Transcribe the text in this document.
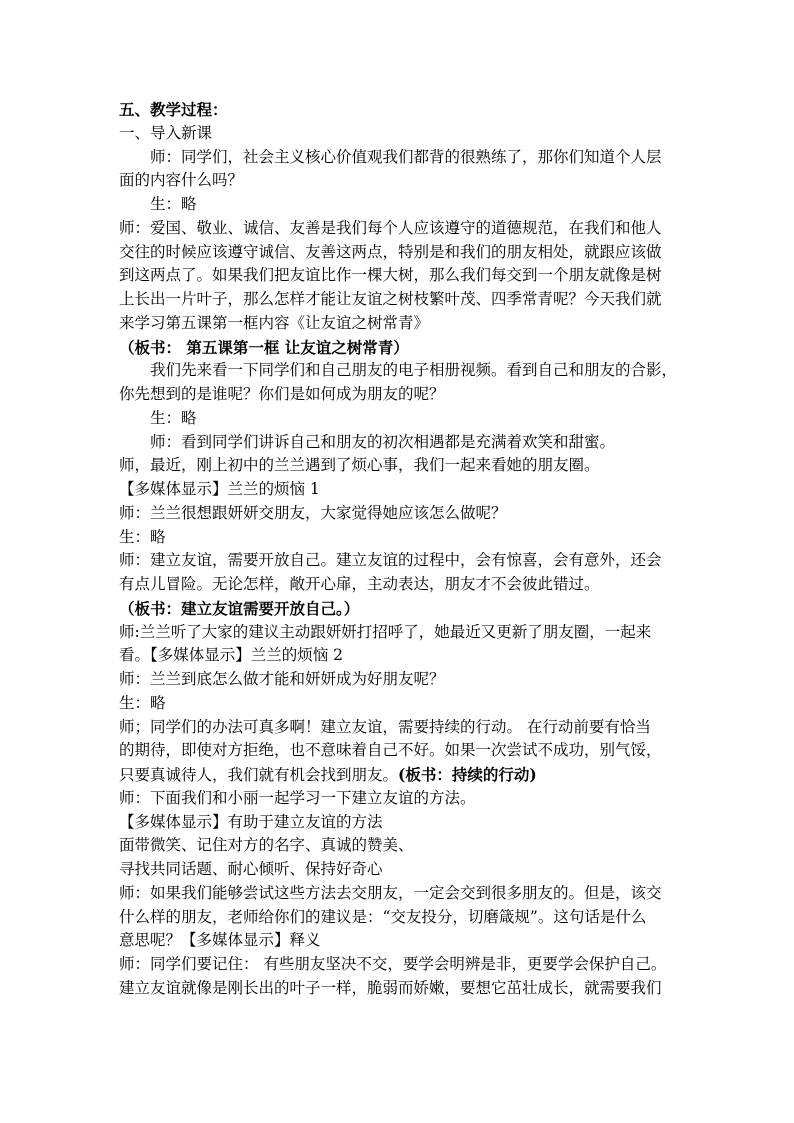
五、教学过程：
一、导入新课
师：同学们，社会主义核心价值观我们都背的很熟练了，那你们知道个人层
面的内容什么吗？
生：略
师：爱国、敬业、诚信、友善是我们每个人应该遵守的道德规范，在我们和他人
交往的时候应该遵守诚信、友善这两点，特别是和我们的朋友相处，就跟应该做
到这两点了。如果我们把友谊比作一棵大树，那么我们每交到一个朋友就像是树
上长出一片叶子，那么怎样才能让友谊之树枝繁叶茂、四季常青呢？今天我们就
来学习第五课第一框内容《让友谊之树常青》
（板书： 第五课第一框 让友谊之树常青）
我们先来看一下同学们和自己朋友的电子相册视频。看到自己和朋友的合影，
你先想到的是谁呢？你们是如何成为朋友的呢？
生：略
师：看到同学们讲诉自己和朋友的初次相遇都是充满着欢笑和甜蜜。
师，最近，刚上初中的兰兰遇到了烦心事，我们一起来看她的朋友圈。
【多媒体显示】兰兰的烦恼 1
师：兰兰很想跟妍妍交朋友，大家觉得她应该怎么做呢？
生：略
师：建立友谊，需要开放自己。建立友谊的过程中，会有惊喜，会有意外，还会
有点儿冒险。无论怎样，敞开心扉，主动表达，朋友才不会彼此错过。
（板书：建立友谊需要开放自己。）
师:兰兰听了大家的建议主动跟妍妍打招呼了，她最近又更新了朋友圈，一起来
看。【多媒体显示】兰兰的烦恼 2
师：兰兰到底怎么做才能和妍妍成为好朋友呢？
生：略
师；同学们的办法可真多啊！建立友谊，需要持续的行动。 在行动前要有恰当
的期待，即使对方拒绝，也不意味着自己不好。如果一次尝试不成功，别气馁，
只要真诚待人，我们就有机会找到朋友。(板书：持续的行动)
师：下面我们和小丽一起学习一下建立友谊的方法。
【多媒体显示】有助于建立友谊的方法
面带微笑、记住对方的名字、真诚的赞美、
寻找共同话题、耐心倾听、保持好奇心
师：如果我们能够尝试这些方法去交朋友，一定会交到很多朋友的。但是，该交
什么样的朋友，老师给你们的建议是：“交友投分，切磨箴规”。这句话是什么
意思呢？【多媒体显示】释义
师：同学们要记住： 有些朋友坚决不交，要学会明辨是非，更要学会保护自己。
建立友谊就像是刚长出的叶子一样，脆弱而娇嫩，要想它茁壮成长，就需要我们
